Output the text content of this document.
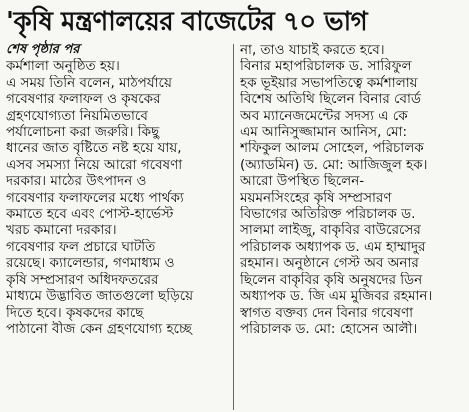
'কৃষি মন্ত্রণালয়ের বাজেটের ৭০ ভাগ
শেষ পৃষ্ঠার পর
কর্মশালা অনুষ্ঠিত হয়।
এ সময় তিনি বলেন, মাঠপর্যায়ে
গবেষণার ফলাফল ও কৃষকের
গ্রহণযোগ্যতা নিয়মিতভাবে
পর্যালোচনা করা জরুরি। কিছু
ধানের জাত বৃষ্টিতে নষ্ট হয়ে যায়,
এসব সমস্যা নিয়ে আরো গবেষণা
দরকার। মাঠের উৎপাদন ও
গবেষণার ফলাফলের মধ্যে পার্থক্য
কমাতে হবে এবং পোস্ট-হার্ভেস্ট
খরচ কমানো দরকার।
গবেষণার ফল প্রচারে ঘাটতি
রয়েছে। ক্যালেন্ডার, গণমাধ্যম ও
কৃষি সম্প্রসারণ অধিদফতরের
মাধ্যমে উদ্ভাবিত জাতগুলো ছড়িয়ে
দিতে হবে। কৃষকদের কাছে
পাঠানো বীজ কেন গ্রহণযোগ্য হচ্ছে
না, তাও যাচাই করতে হবে।
বিনার মহাপরিচালক ড. সারিফুল
হক ভূইয়ার সভাপতিত্বে কর্মশালায়
বিশেষ অতিথি ছিলেন বিনার বোর্ড
অব ম্যানেজমেন্টের সদস্য এ কে
এম আনিসুজ্জামান আনিস, মো:
শফিকুল আলম সোহেল, পরিচালক
(অ্যাডমিন) ড. মো: আজিজুল হক।
আরো উপস্থিত ছিলেন-
ময়মনসিংহের কৃষি সম্প্রসারণ
বিভাগের অতিরিক্ত পরিচালক ড.
সালমা লাইজু, বাকৃবির বাউরেসের
পরিচালক অধ্যাপক ড. এম হাম্মাদুর
রহমান। অনুষ্ঠানে গেস্ট অব অনার
ছিলেন বাকৃবির কৃষি অনুষদের ডিন
অধ্যাপক ড. জি এম মুজিবর রহমান।
স্বাগত বক্তব্য দেন বিনার গবেষণা
পরিচালক ড. মো: হোসেন আলী।
